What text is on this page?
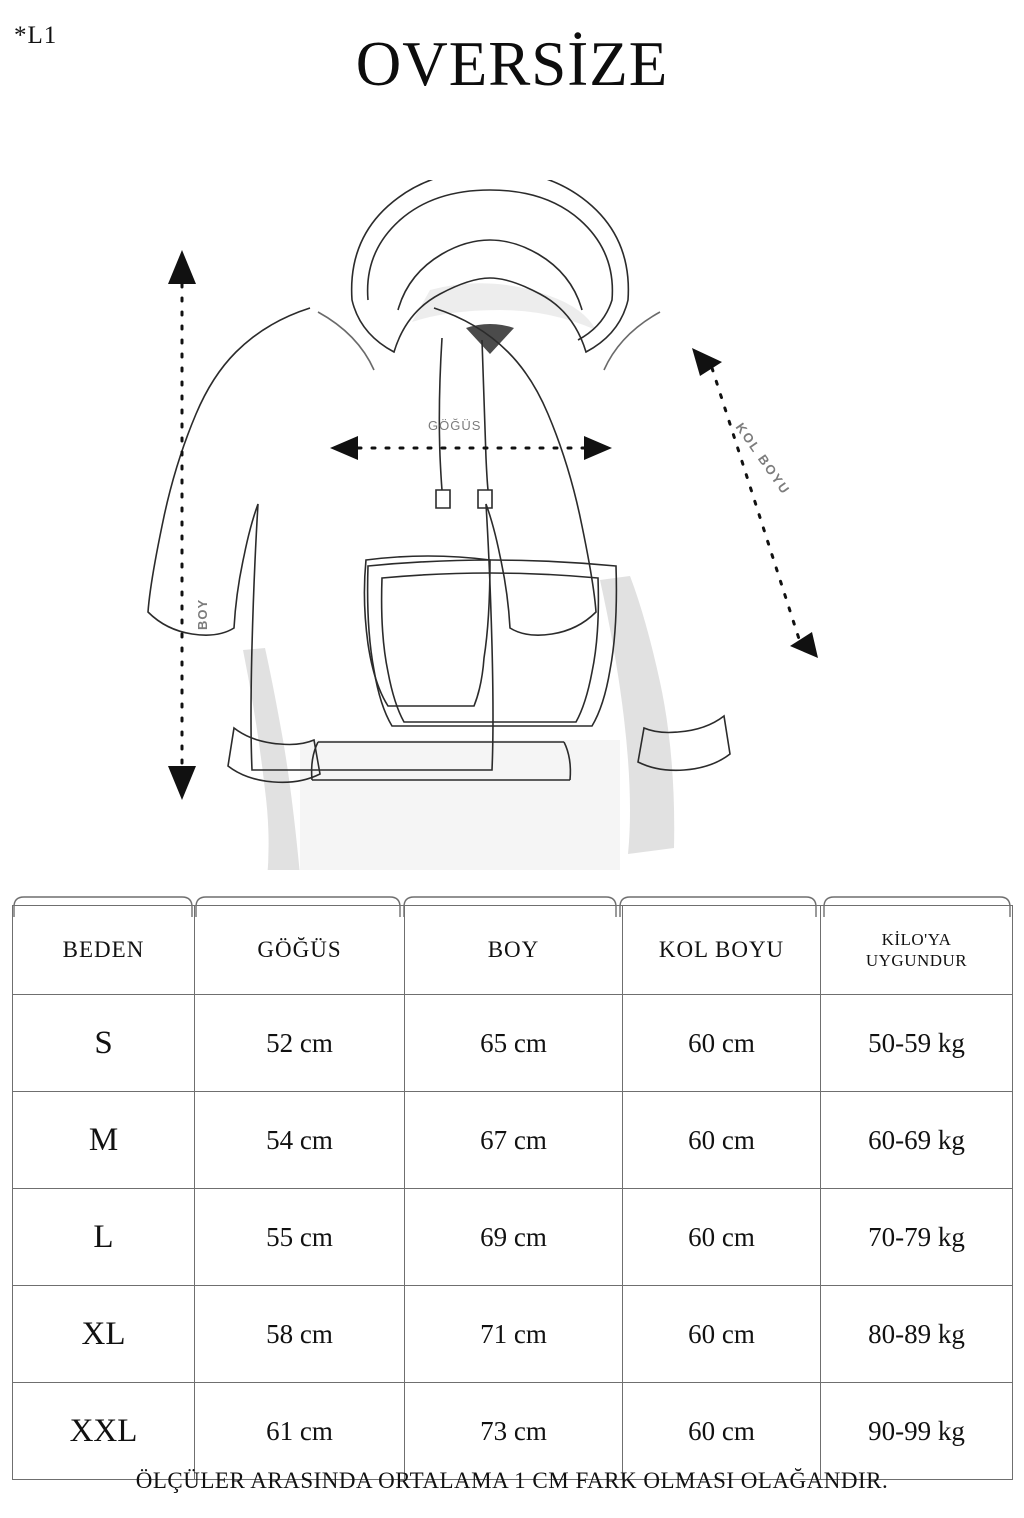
*L1	OVERSİZE
GÖĞÜS
BOY
KOL BOYU
BEDEN	GÖĞÜS	BOY	KOL BOYU	KİLO'YA
UYGUNDUR
S	52 cm	65 cm	60 cm	50-59 kg
M	54 cm	67 cm	60 cm	60-69 kg
L	55 cm	69 cm	60 cm	70-79 kg
XL	58 cm	71 cm	60 cm	80-89 kg
XXL	61 cm	73 cm	60 cm	90-99 kg
ÖLÇÜLER ARASINDA ORTALAMA 1 CM FARK OLMASI OLAĞANDIR.
